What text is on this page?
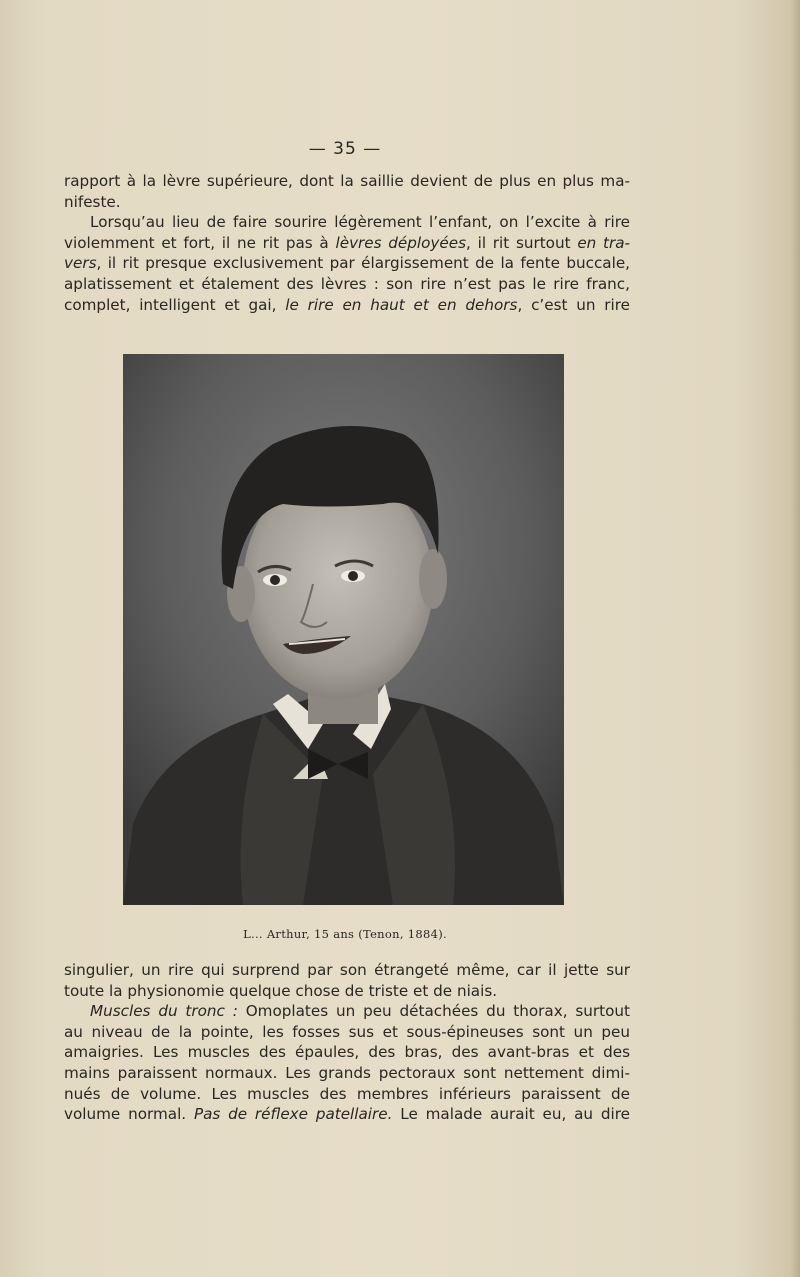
— 35 —
rapport à la lèvre supérieure, dont la saillie devient de plus en plus ma-
nifeste.
Lorsqu’au lieu de faire sourire légèrement l’enfant, on l’excite à rire
violemment et fort, il ne rit pas à lèvres déployées, il rit surtout en tra-
vers, il rit presque exclusivement par élargissement de la fente buccale,
aplatissement et étalement des lèvres : son rire n’est pas le rire franc,
complet, intelligent et gai, le rire en haut et en dehors, c’est un rire
L... Arthur, 15 ans (Tenon, 1884).
singulier, un rire qui surprend par son étrangeté même, car il jette sur
toute la physionomie quelque chose de triste et de niais.
Muscles du tronc : Omoplates un peu détachées du thorax, surtout
au niveau de la pointe, les fosses sus et sous-épineuses sont un peu
amaigries. Les muscles des épaules, des bras, des avant-bras et des
mains paraissent normaux. Les grands pectoraux sont nettement dimi-
nués de volume. Les muscles des membres inférieurs paraissent de
volume normal. Pas de réflexe patellaire. Le malade aurait eu, au dire
